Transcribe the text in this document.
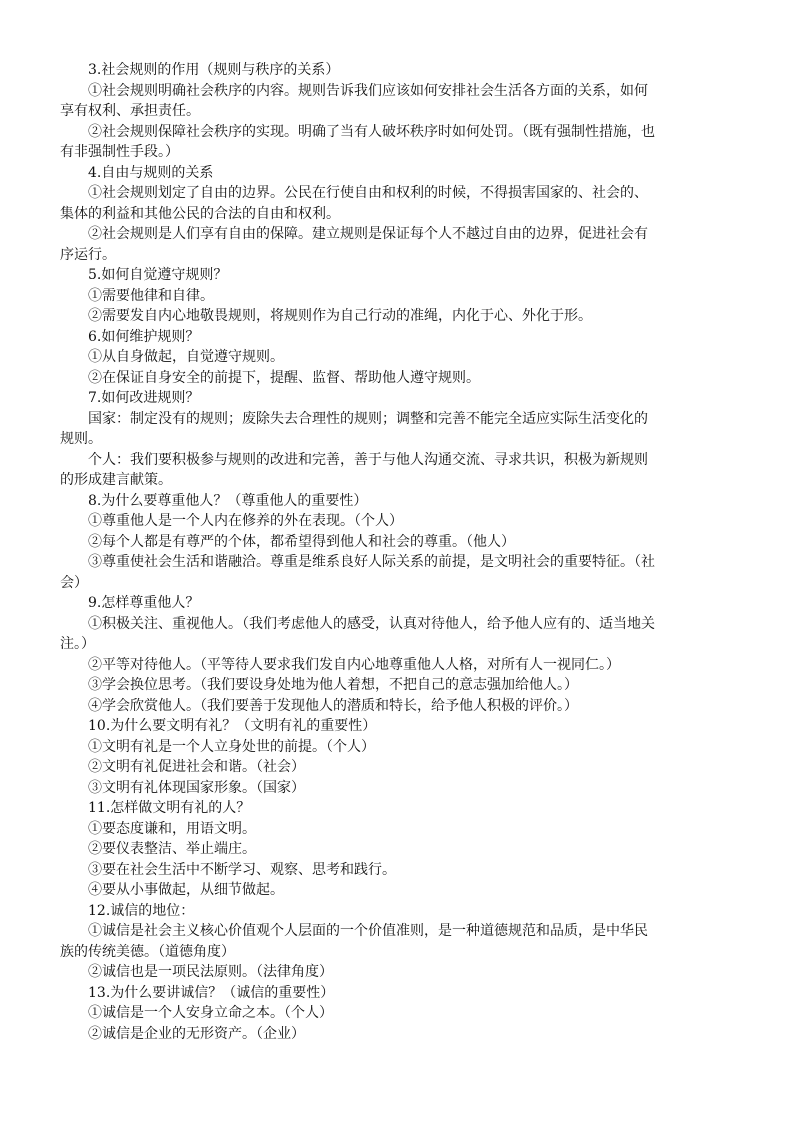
3.社会规则的作用（规则与秩序的关系）

①社会规则明确社会秩序的内容。规则告诉我们应该如何安排社会生活各方面的关系，如何

享有权利、承担责任。

②社会规则保障社会秩序的实现。明确了当有人破坏秩序时如何处罚。（既有强制性措施，也

有非强制性手段。）

4.自由与规则的关系

①社会规则划定了自由的边界。公民在行使自由和权利的时候，不得损害国家的、社会的、

集体的利益和其他公民的合法的自由和权利。

②社会规则是人们享有自由的保障。建立规则是保证每个人不越过自由的边界，促进社会有

序运行。

5.如何自觉遵守规则？

①需要他律和自律。

②需要发自内心地敬畏规则，将规则作为自己行动的准绳，内化于心、外化于形。

6.如何维护规则？

①从自身做起，自觉遵守规则。

②在保证自身安全的前提下，提醒、监督、帮助他人遵守规则。

7.如何改进规则？

国家：制定没有的规则；废除失去合理性的规则；调整和完善不能完全适应实际生活变化的

规则。

个人：我们要积极参与规则的改进和完善，善于与他人沟通交流、寻求共识，积极为新规则

的形成建言献策。

8.为什么要尊重他人？（尊重他人的重要性）

①尊重他人是一个人内在修养的外在表现。（个人）

②每个人都是有尊严的个体，都希望得到他人和社会的尊重。（他人）

③尊重使社会生活和谐融洽。尊重是维系良好人际关系的前提，是文明社会的重要特征。（社

会）

9.怎样尊重他人？

①积极关注、重视他人。（我们考虑他人的感受，认真对待他人，给予他人应有的、适当地关

注。）

②平等对待他人。（平等待人要求我们发自内心地尊重他人人格，对所有人一视同仁。）

③学会换位思考。（我们要设身处地为他人着想，不把自己的意志强加给他人。）

④学会欣赏他人。（我们要善于发现他人的潜质和特长，给予他人积极的评价。）

10.为什么要文明有礼？（文明有礼的重要性）

①文明有礼是一个人立身处世的前提。（个人）

②文明有礼促进社会和谐。（社会）

③文明有礼体现国家形象。（国家）

11.怎样做文明有礼的人？

①要态度谦和，用语文明。

②要仪表整洁、举止端庄。

③要在社会生活中不断学习、观察、思考和践行。

④要从小事做起，从细节做起。

12.诚信的地位：

①诚信是社会主义核心价值观个人层面的一个价值准则，是一种道德规范和品质，是中华民

族的传统美德。（道德角度）

②诚信也是一项民法原则。（法律角度）

13.为什么要讲诚信？（诚信的重要性）

①诚信是一个人安身立命之本。（个人）

②诚信是企业的无形资产。（企业）
